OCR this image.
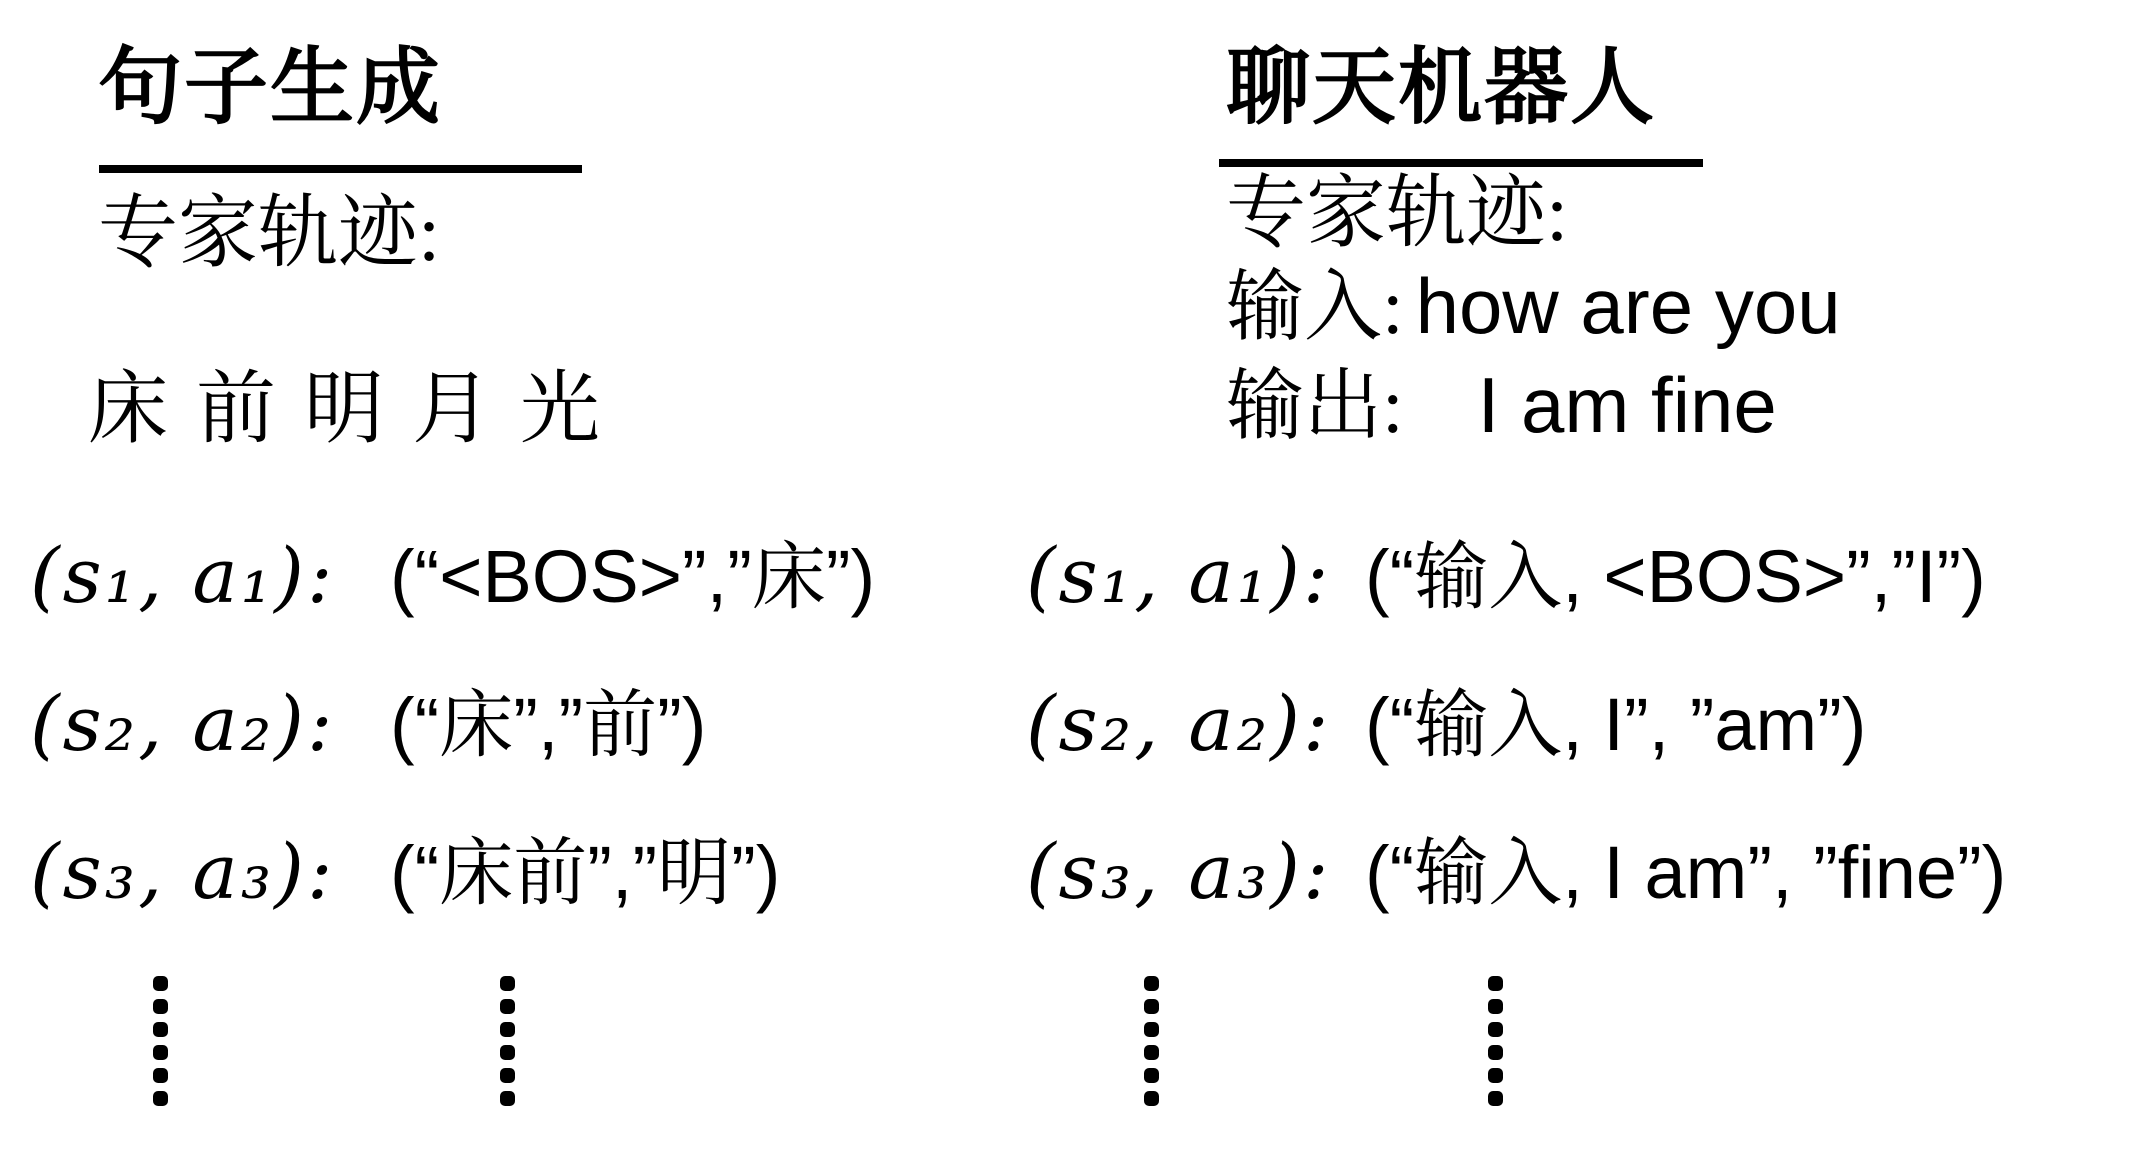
句子生成
专家轨迹:
床 前 明 月 光
(s₁, a₁): (“<BOS>”,”床”)
(s₂, a₂): (“床”,”前”)
(s₃, a₃): (“床前”,”明”)
聊天机器人
专家轨迹:
输入: how are you
输出: I am fine
(s₁, a₁): (“输入, <BOS>”,”I”)
(s₂, a₂): (“输入, I”, ”am”)
(s₃, a₃): (“输入, I am”, ”fine”)
